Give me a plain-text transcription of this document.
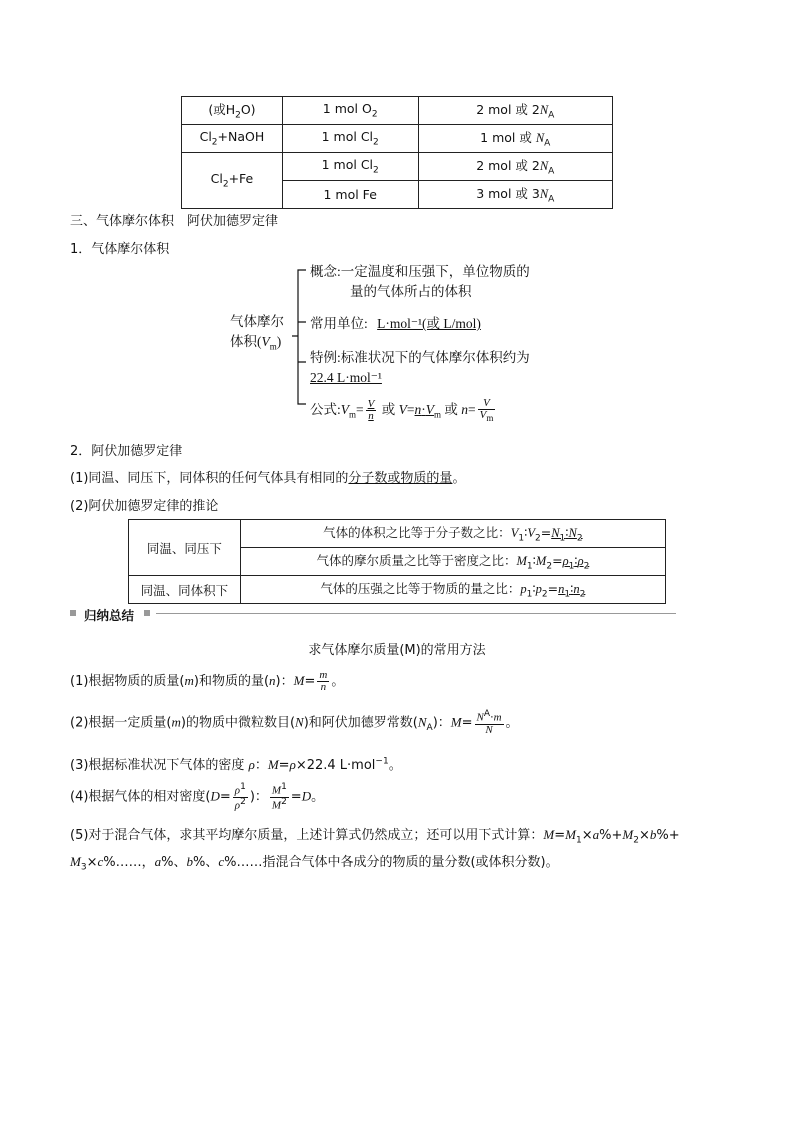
(或$H_2O$)	1 mol $O_2$	2 mol 或 $2N_A$
$Cl_2+NaOH$	1 mol $Cl_2$	1 mol 或 $N_A$
$Cl_2+Fe$	1 mol $Cl_2$	2 mol 或 $2N_A$
	1 mol Fe	3 mol 或 $3N_A$
三、气体摩尔体积　阿伏加德罗定律
1．气体摩尔体积
气体摩尔
体积$(V_m)$
概念:一定温度和压强下，单位物质的
量的气体所占的体积
常用单位: L·mol⁻¹(或 L/mol)
特例:标准状况下的气体摩尔体积约为
22.4 L·mol⁻¹
公式$:V_m= \frac{V}{n}$ 或 $V=n\cdot V_m$ 或 $n= \frac{V}{V_m}$
2．阿伏加德罗定律
(1)同温、同压下，同体积的任何气体具有相同的分子数或物质的量。
(2)阿伏加德罗定律的推论
同温、同压下	气体的体积之比等于分子数之比：$V_1∶V_2=N_1∶N_2$
	气体的摩尔质量之比等于密度之比：$M_1∶M_2=\rho_1∶\rho_2$
同温、同体积下	气体的压强之比等于物质的量之比：$p_1∶p_2=n_1∶n_2$
归纳总结
求气体摩尔质量(M)的常用方法
(1)根据物质的质量(m)和物质的量(n)：$M= \frac{m}{n}$ 。
(2)根据一定质量(m)的物质中微粒数目(N)和阿伏加德罗常数$(N_A)$：$M= \frac{N^A\cdot m}{N}$ 。
(3)根据标准状况下气体的密度 ρ：M=ρ×22.4 L·mol$^{-1}$。
(4)根据气体的相对密度($D= \frac{\rho^1}{\rho^2}$ )： $\frac{M^1}{M^2} =D$。
(5)对于混合气体，求其平均摩尔质量，上述计算式仍然成立；还可以用下式计算：$M=M_1\times a\%+M_2\times b\%+$
$M_3\times c\%\dots\dots$，a%、b%、c%……指混合气体中各成分的物质的量分数(或体积分数)。
